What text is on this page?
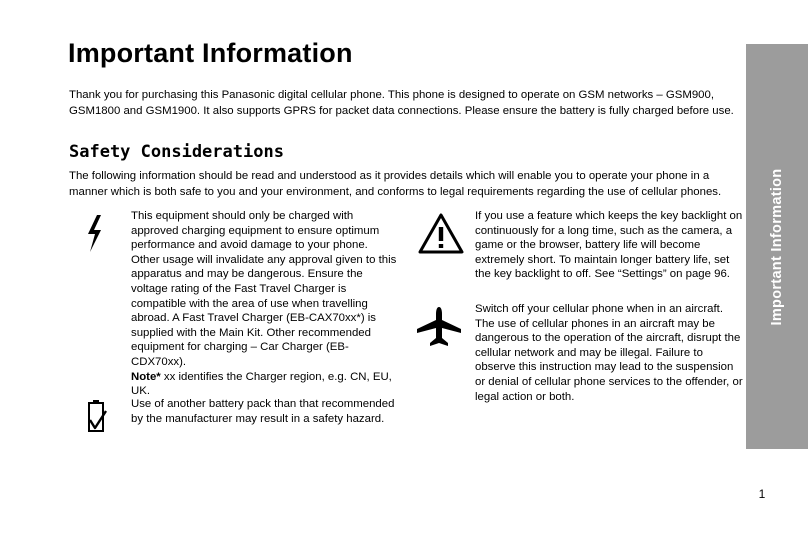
Important Information

Thank you for purchasing this Panasonic digital cellular phone. This phone is designed to operate on GSM networks – GSM900, GSM1800 and GSM1900. It also supports GPRS for packet data connections. Please ensure the battery is fully charged before use.

Safety Considerations

The following information should be read and understood as it provides details which will enable you to operate your phone in a manner which is both safe to you and your environment, and conforms to legal requirements regarding the use of cellular phones.

This equipment should only be charged with approved charging equipment to ensure optimum performance and avoid damage to your phone. Other usage will invalidate any approval given to this apparatus and may be dangerous. Ensure the voltage rating of the Fast Travel Charger is compatible with the area of use when travelling abroad. A Fast Travel Charger (EB-CAX70xx*) is supplied with the Main Kit. Other recommended equipment for charging – Car Charger (EB-CDX70xx).
Note* xx identifies the Charger region, e.g. CN, EU, UK.

Use of another battery pack than that recommended by the manufacturer may result in a safety hazard.

If you use a feature which keeps the key backlight on continuously for a long time, such as the camera, a game or the browser, battery life will become extremely short. To maintain longer battery life, set the key backlight to off. See “Settings” on page 96.

Switch off your cellular phone when in an aircraft. The use of cellular phones in an aircraft may be dangerous to the operation of the aircraft, disrupt the cellular network and may be illegal. Failure to observe this instruction may lead to the suspension or denial of cellular phone services to the offender, or legal action or both.

Important Information
1
